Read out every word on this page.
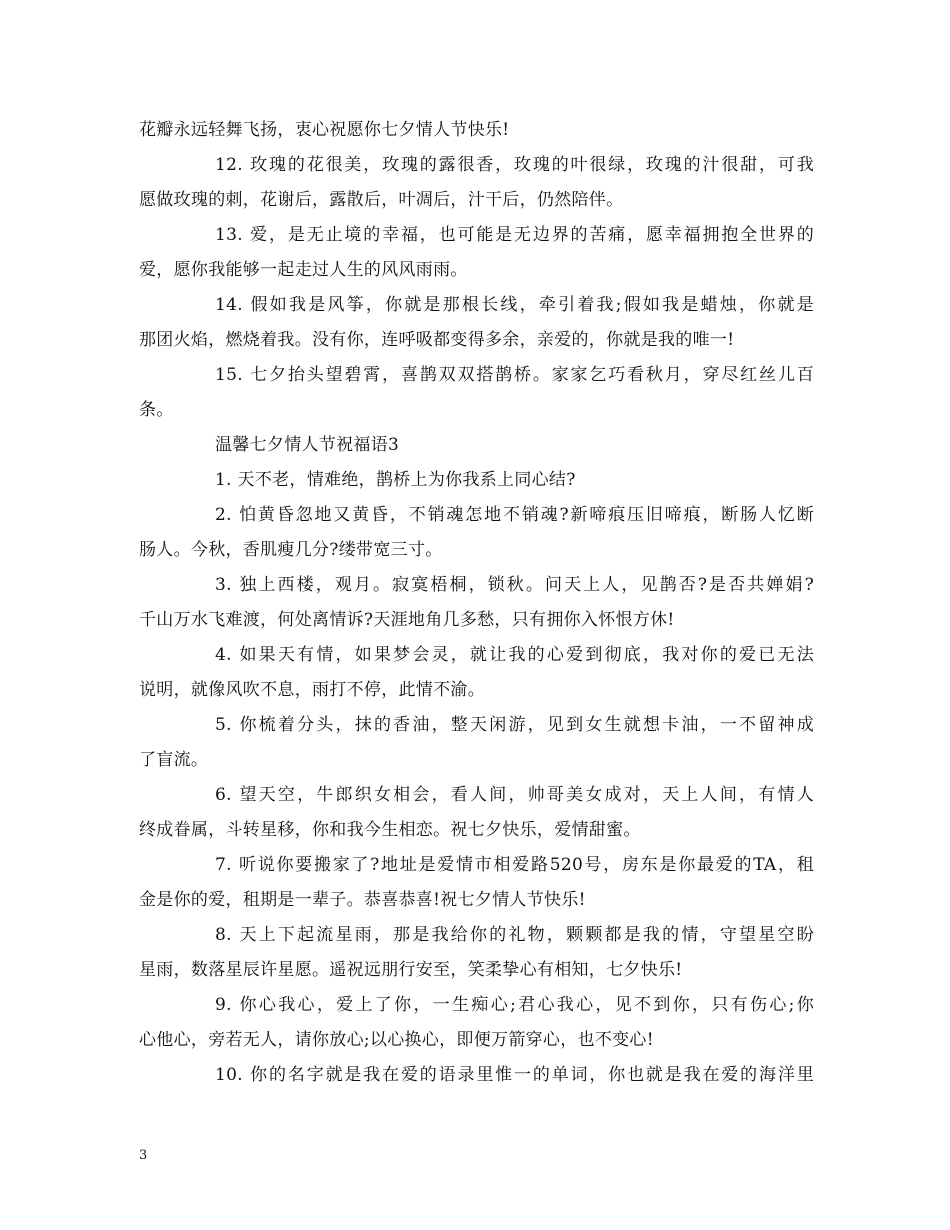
花瓣永远轻舞飞扬，衷心祝愿你七夕情人节快乐!
12. 玫瑰的花很美，玫瑰的露很香，玫瑰的叶很绿，玫瑰的汁很甜，可我
愿做玫瑰的刺，花谢后，露散后，叶凋后，汁干后，仍然陪伴。
13. 爱，是无止境的幸福，也可能是无边界的苦痛，愿幸福拥抱全世界的
爱，愿你我能够一起走过人生的风风雨雨。
14. 假如我是风筝，你就是那根长线，牵引着我;假如我是蜡烛，你就是
那团火焰，燃烧着我。没有你，连呼吸都变得多余，亲爱的，你就是我的唯一!
15. 七夕抬头望碧霄，喜鹊双双搭鹊桥。家家乞巧看秋月，穿尽红丝儿百
条。
温馨七夕情人节祝福语3
1. 天不老，情难绝，鹊桥上为你我系上同心结?
2. 怕黄昏忽地又黄昏，不销魂怎地不销魂?新啼痕压旧啼痕，断肠人忆断
肠人。今秋，香肌瘦几分?缕带宽三寸。
3. 独上西楼，观月。寂寞梧桐，锁秋。问天上人，见鹊否?是否共婵娟?
千山万水飞难渡，何处离情诉?天涯地角几多愁，只有拥你入怀恨方休!
4. 如果天有情，如果梦会灵，就让我的心爱到彻底，我对你的爱已无法
说明，就像风吹不息，雨打不停，此情不渝。
5. 你梳着分头，抹的香油，整天闲游，见到女生就想卡油，一不留神成
了盲流。
6. 望天空，牛郎织女相会，看人间，帅哥美女成对，天上人间，有情人
终成眷属，斗转星移，你和我今生相恋。祝七夕快乐，爱情甜蜜。
7. 听说你要搬家了?地址是爱情市相爱路520号，房东是你最爱的TA，租
金是你的爱，租期是一辈子。恭喜恭喜!祝七夕情人节快乐!
8. 天上下起流星雨，那是我给你的礼物，颗颗都是我的情，守望星空盼
星雨，数落星辰许星愿。遥祝远朋行安至，笑柔挚心有相知，七夕快乐!
9. 你心我心，爱上了你，一生痴心;君心我心，见不到你，只有伤心;你
心他心，旁若无人，请你放心;以心换心，即便万箭穿心，也不变心!
10. 你的名字就是我在爱的语录里惟一的单词，你也就是我在爱的海洋里
3
